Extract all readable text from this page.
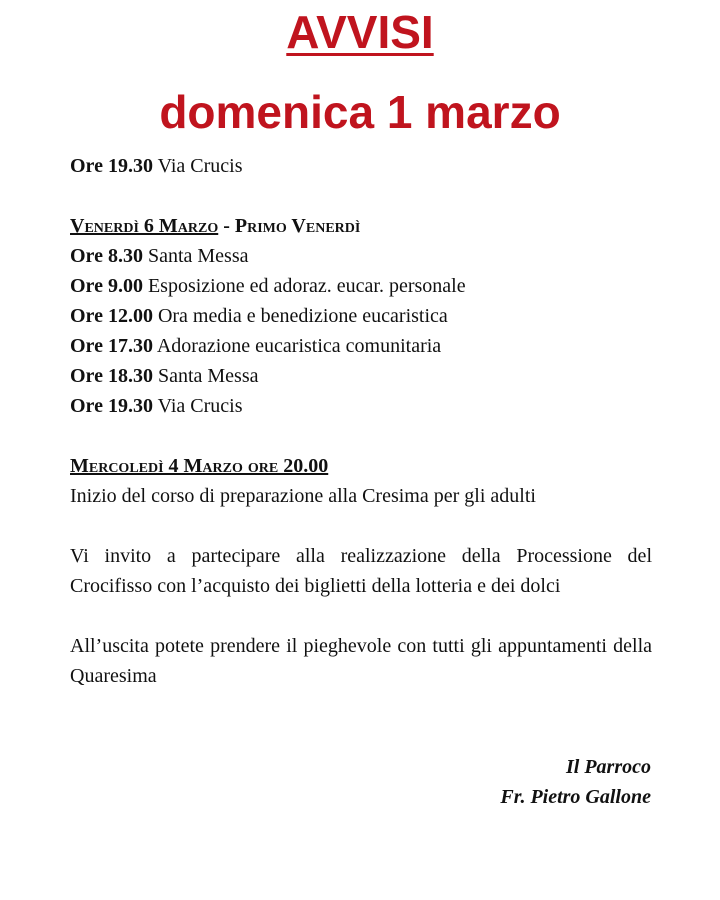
AVVISI
domenica 1 marzo
Ore 19.30 Via Crucis
Venerdì 6 Marzo - Primo Venerdì
Ore 8.30 Santa Messa
Ore 9.00 Esposizione ed adoraz. eucar. personale
Ore 12.00 Ora media e benedizione eucaristica
Ore 17.30 Adorazione eucaristica comunitaria
Ore 18.30 Santa Messa
Ore 19.30 Via Crucis
Mercoledì 4 Marzo ore 20.00
Inizio del corso di preparazione alla Cresima per gli adulti
Vi invito a partecipare alla realizzazione della Processione del Crocifisso con l’acquisto dei biglietti della lotteria e dei dolci
All’uscita potete prendere il pieghevole con tutti gli appuntamenti della Quaresima
Il Parroco
Fr. Pietro Gallone
